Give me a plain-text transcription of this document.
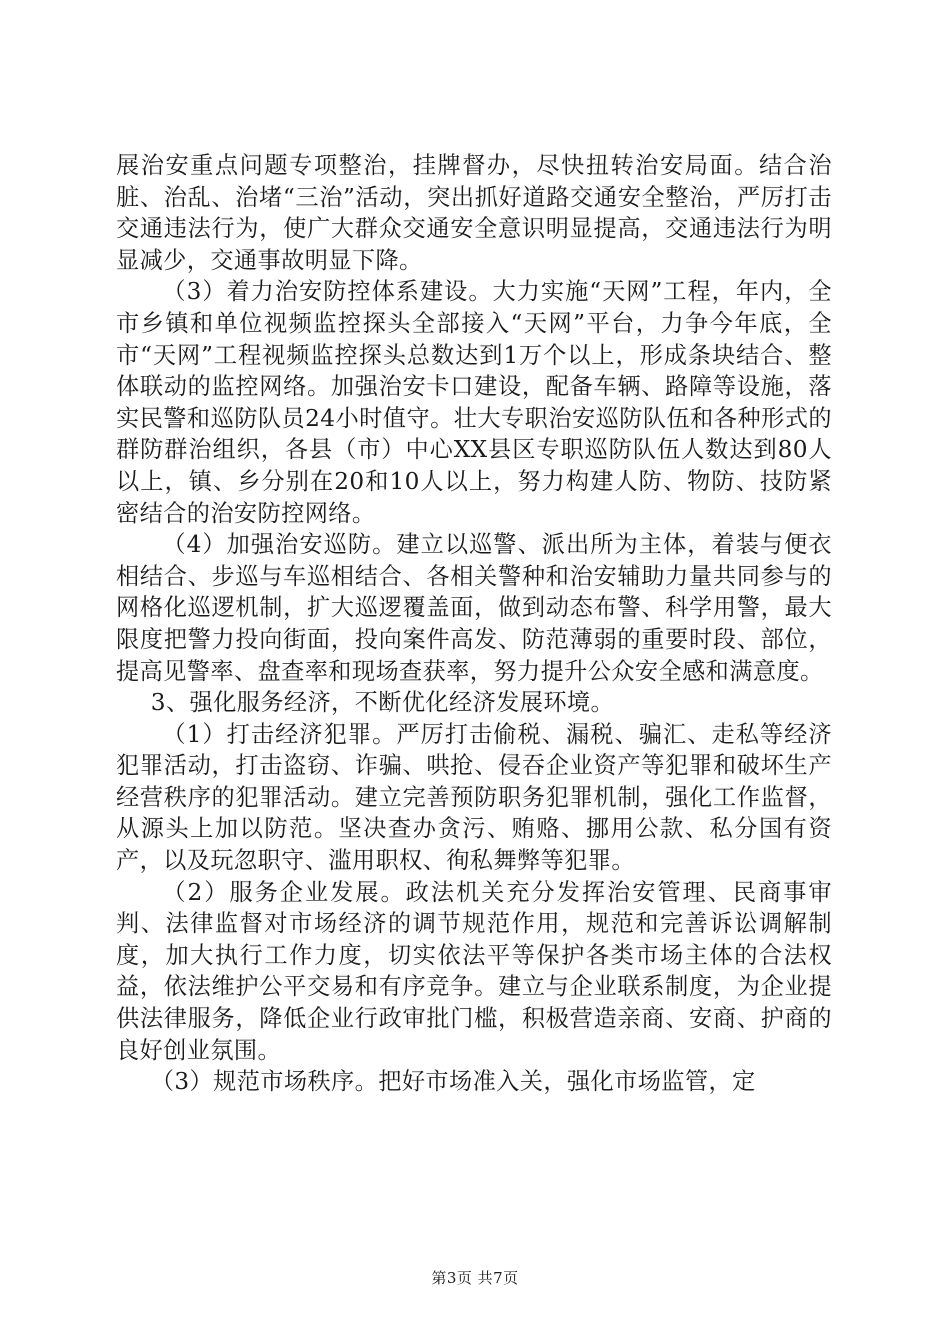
展治安重点问题专项整治，挂牌督办，尽快扭转治安局面。结合治脏、治乱、治堵“三治”活动，突出抓好道路交通安全整治，严厉打击交通违法行为，使广大群众交通安全意识明显提高，交通违法行为明显减少，交通事故明显下降。

（3）着力治安防控体系建设。大力实施“天网”工程，年内，全市乡镇和单位视频监控探头全部接入“天网”平台，力争今年底，全市“天网”工程视频监控探头总数达到1万个以上，形成条块结合、整体联动的监控网络。加强治安卡口建设，配备车辆、路障等设施，落实民警和巡防队员24小时值守。壮大专职治安巡防队伍和各种形式的群防群治组织，各县（市）中心XX县区专职巡防队伍人数达到80人以上，镇、乡分别在20和10人以上，努力构建人防、物防、技防紧密结合的治安防控网络。

（4）加强治安巡防。建立以巡警、派出所为主体，着装与便衣相结合、步巡与车巡相结合、各相关警种和治安辅助力量共同参与的网格化巡逻机制，扩大巡逻覆盖面，做到动态布警、科学用警，最大限度把警力投向街面，投向案件高发、防范薄弱的重要时段、部位，提高见警率、盘查率和现场查获率，努力提升公众安全感和满意度。

3、强化服务经济，不断优化经济发展环境。

（1）打击经济犯罪。严厉打击偷税、漏税、骗汇、走私等经济犯罪活动，打击盗窃、诈骗、哄抢、侵吞企业资产等犯罪和破坏生产经营秩序的犯罪活动。建立完善预防职务犯罪机制，强化工作监督，从源头上加以防范。坚决查办贪污、贿赂、挪用公款、私分国有资产，以及玩忽职守、滥用职权、徇私舞弊等犯罪。

（2）服务企业发展。政法机关充分发挥治安管理、民商事审判、法律监督对市场经济的调节规范作用，规范和完善诉讼调解制度，加大执行工作力度，切实依法平等保护各类市场主体的合法权益，依法维护公平交易和有序竞争。建立与企业联系制度，为企业提供法律服务，降低企业行政审批门槛，积极营造亲商、安商、护商的良好创业氛围。

（3）规范市场秩序。把好市场准入关，强化市场监管，定

第3页 共7页
